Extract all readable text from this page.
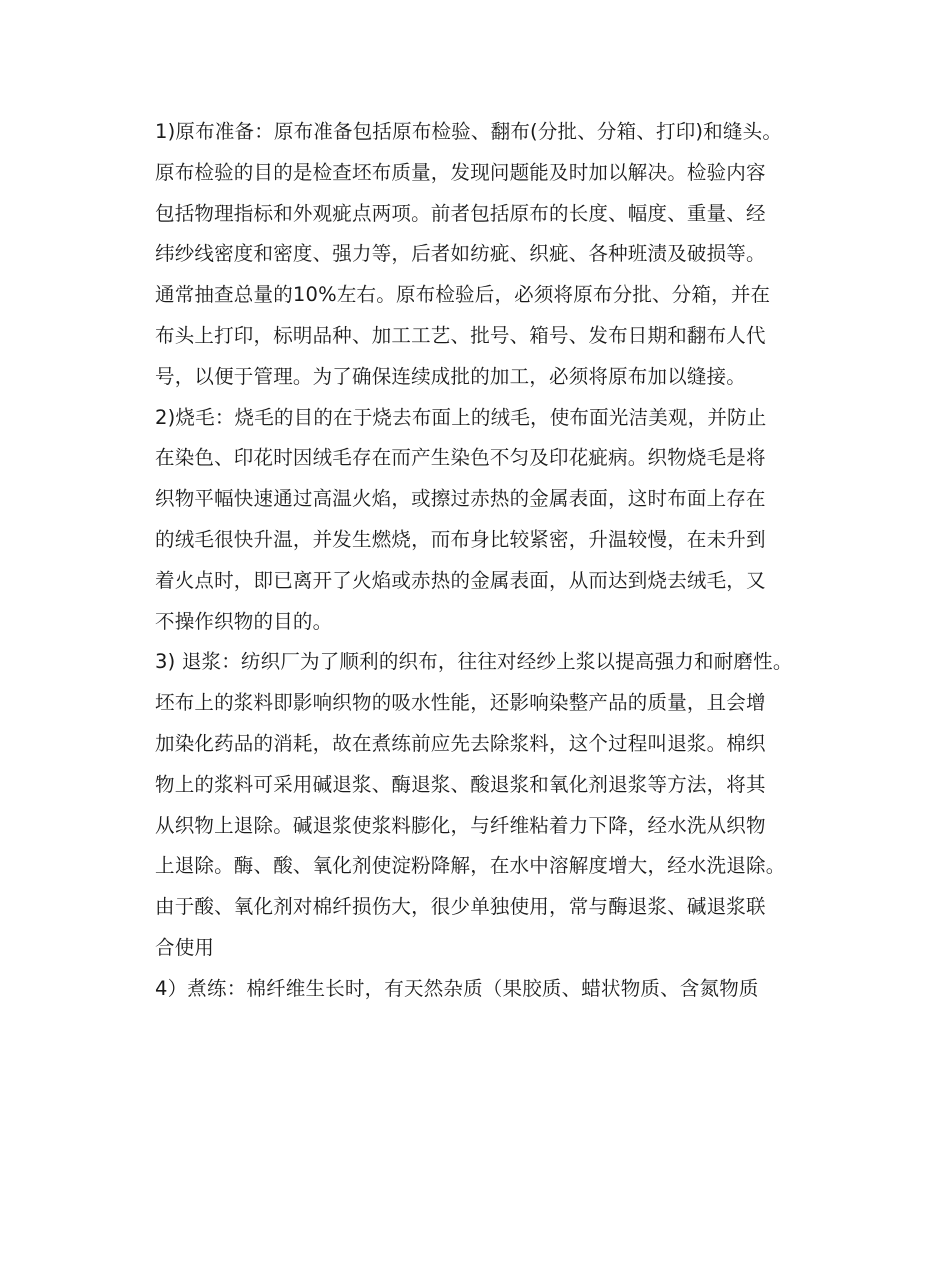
1)原布准备：原布准备包括原布检验、翻布(分批、分箱、打印)和缝头。
原布检验的目的是检查坯布质量，发现问题能及时加以解决。检验内容
包括物理指标和外观疵点两项。前者包括原布的长度、幅度、重量、经
纬纱线密度和密度、强力等，后者如纺疵、织疵、各种班渍及破损等。
通常抽查总量的10%左右。原布检验后，必须将原布分批、分箱，并在
布头上打印，标明品种、加工工艺、批号、箱号、发布日期和翻布人代
号，以便于管理。为了确保连续成批的加工，必须将原布加以缝接。
2)烧毛：烧毛的目的在于烧去布面上的绒毛，使布面光洁美观，并防止
在染色、印花时因绒毛存在而产生染色不匀及印花疵病。织物烧毛是将
织物平幅快速通过高温火焰，或擦过赤热的金属表面，这时布面上存在
的绒毛很快升温，并发生燃烧，而布身比较紧密，升温较慢，在未升到
着火点时，即已离开了火焰或赤热的金属表面，从而达到烧去绒毛，又
不操作织物的目的。
3) 退浆：纺织厂为了顺利的织布，往往对经纱上浆以提高强力和耐磨性。
坯布上的浆料即影响织物的吸水性能，还影响染整产品的质量，且会增
加染化药品的消耗，故在煮练前应先去除浆料，这个过程叫退浆。棉织
物上的浆料可采用碱退浆、酶退浆、酸退浆和氧化剂退浆等方法，将其
从织物上退除。碱退浆使浆料膨化，与纤维粘着力下降，经水洗从织物
上退除。酶、酸、氧化剂使淀粉降解，在水中溶解度增大，经水洗退除。
由于酸、氧化剂对棉纤损伤大，很少单独使用，常与酶退浆、碱退浆联
合使用
4）煮练：棉纤维生长时，有天然杂质（果胶质、蜡状物质、含氮物质
